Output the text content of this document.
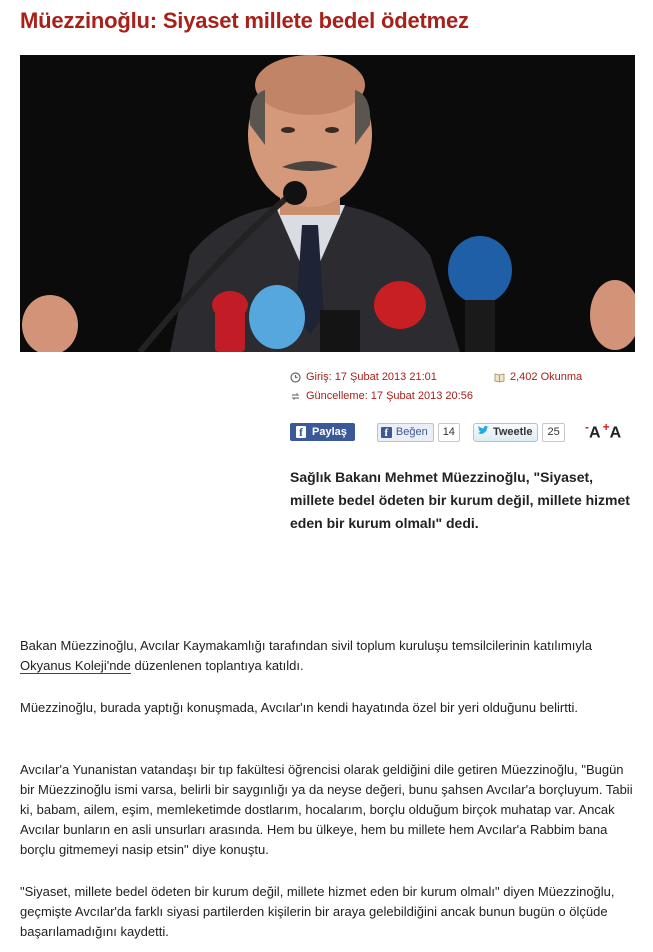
Müezzinoğlu: Siyaset millete bedel ödetmez
Giriş: 17 Şubat 2013 21:01
Güncelleme: 17 Şubat 2013 20:56
2,402 Okunma
f Paylaş	f Beğen	14	Tweetle	25	-A +A

Sağlık Bakanı Mehmet Müezzinoğlu, "Siyaset, millete bedel ödeten bir kurum değil, millete hizmet eden bir kurum olmalı" dedi.

Bakan Müezzinoğlu, Avcılar Kaymakamlığı tarafından sivil toplum kuruluşu temsilcilerinin katılımıyla Okyanus Koleji'nde düzenlenen toplantıya katıldı.

Müezzinoğlu, burada yaptığı konuşmada, Avcılar'ın kendi hayatında özel bir yeri olduğunu belirtti.

Avcılar'a Yunanistan vatandaşı bir tıp fakültesi öğrencisi olarak geldiğini dile getiren Müezzinoğlu, "Bugün bir Müezzinoğlu ismi varsa, belirli bir saygınlığı ya da neyse değeri, bunu şahsen Avcılar'a borçluyum. Tabii ki, babam, ailem, eşim, memleketimde dostlarım, hocalarım, borçlu olduğum birçok muhatap var. Ancak Avcılar bunların en asli unsurları arasında. Hem bu ülkeye, hem bu millete hem Avcılar'a Rabbim bana borçlu gitmemeyi nasip etsin" diye konuştu.

"Siyaset, millete bedel ödeten bir kurum değil, millete hizmet eden bir kurum olmalı" diyen Müezzinoğlu, geçmişte Avcılar'da farklı siyasi partilerden kişilerin bir araya gelebildiğini ancak bunun bugün o ölçüde başarılamadığını kaydetti.
